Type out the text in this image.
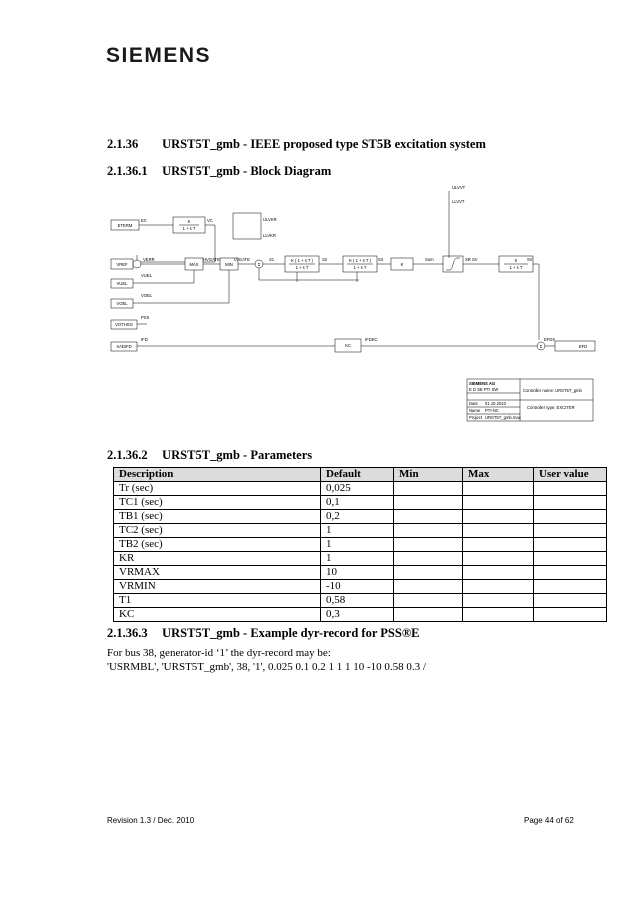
SIEMENS
2.1.36 URST5T_gmb - IEEE proposed type ST5B excitation system
2.1.36.1 URST5T_gmb - Block Diagram
ULVVT
LLVVT
ETERM
EC	K
1 + s T
VC	ULVKR
LLVKR
VREF
VERR
MAX
HVGATE
MIN
LVGATE
Σ
S1	K ( 1 + s T )
1 + s T
S2	K ( 1 + s T )
1 + s T
S3
K
Sum	SR	K
1 + s T
SV	SV
VUEL
VUEL
VOEL
VOEL
VOTHSG
PSS
XADIFD
IFD
KC
IFDKC
Σ
EFDX
EFD
SIEMENS AG
E D SE PTI SW
Date 01.10.2010
Name PTI-NC
Project URST5T_gmb.mac
Controller name: URST5T_gmb
Controller type: EXCITER
2.1.36.2 URST5T_gmb - Parameters
Description	Default	Min	Max	User value
Tr (sec)	0,025			
TC1 (sec)	0,1			
TB1 (sec)	0,2			
TC2 (sec)	1			
TB2 (sec)	1			
KR	1			
VRMAX	10			
VRMIN	-10			
T1	0,58			
KC	0,3			
2.1.36.3 URST5T_gmb - Example dyr-record for PSS®E
For bus 38, generator-id ‘1’ the dyr-record may be:
'USRMBL', 'URST5T_gmb', 38, '1', 0.025 0.1 0.2 1 1 1 10 -10 0.58 0.3 /
Revision 1.3 / Dec. 2010	Page 44 of 62
